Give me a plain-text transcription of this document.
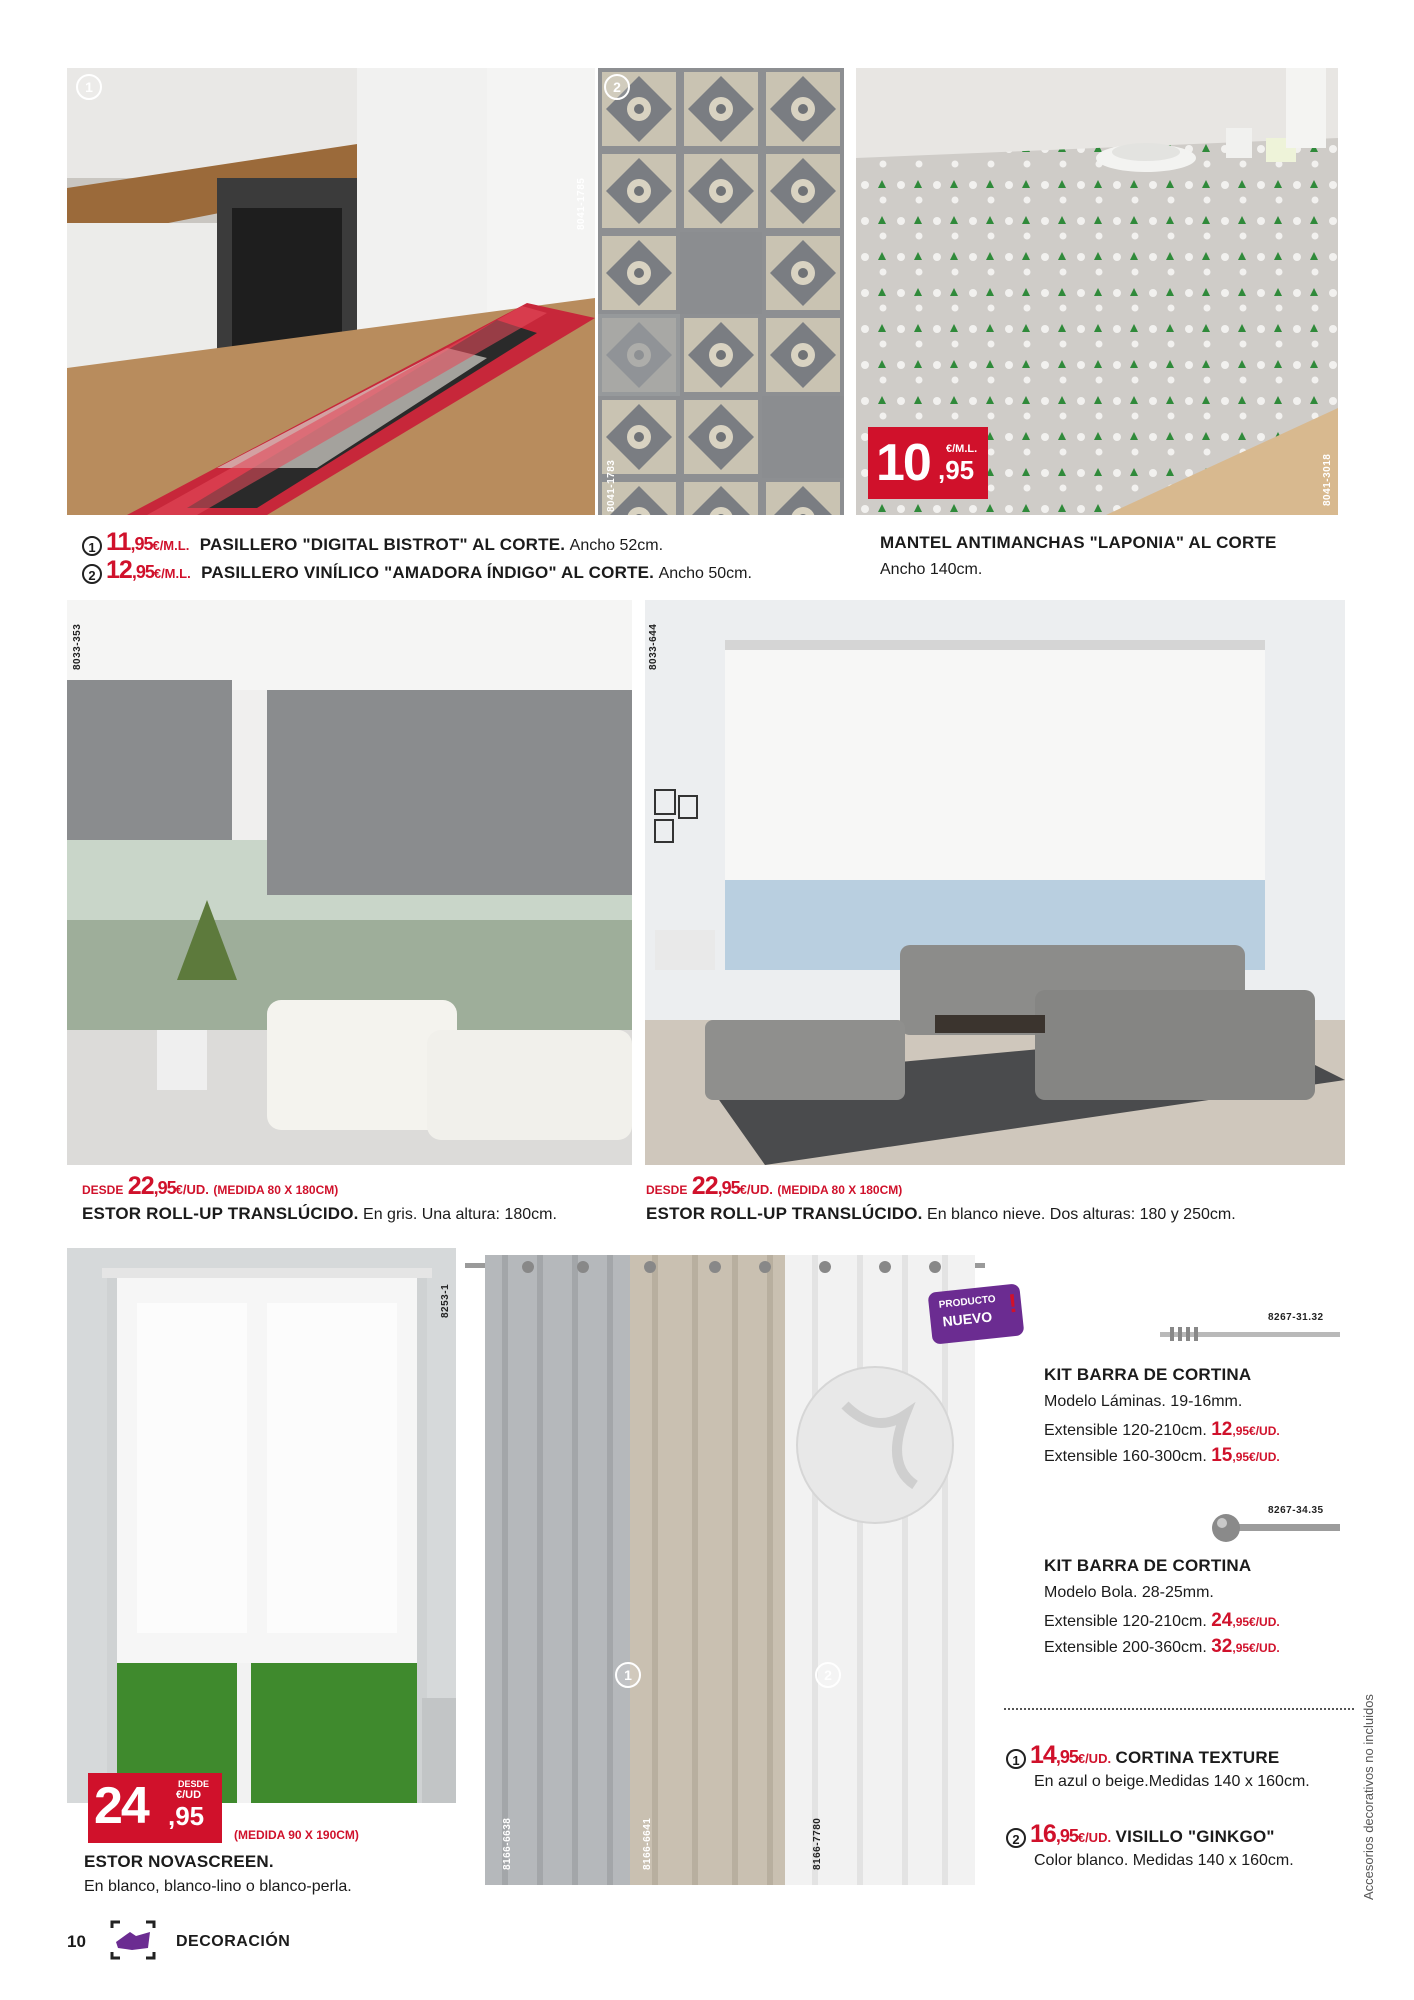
1
8041-1785
2
8041-1783	8041-3018
10 €/M.L.
,95
1 11,95€/M.L. PASILLERO "DIGITAL BISTROT" AL CORTE. Ancho 52cm.
2 12,95€/M.L. PASILLERO VINÍLICO "AMADORA ÍNDIGO" AL CORTE. Ancho 50cm.
MANTEL ANTIMANCHAS "LAPONIA" AL CORTE
Ancho 140cm.
8033-353	8033-644
DESDE 22,95€/UD. (MEDIDA 80 X 180CM)
ESTOR ROLL-UP TRANSLÚCIDO. En gris. Una altura: 180cm.
DESDE 22,95€/UD. (MEDIDA 80 X 180CM)
ESTOR ROLL-UP TRANSLÚCIDO. En blanco nieve. Dos alturas: 180 y 250cm.
8253-1
24	DESDE
€/UD
,95
(MEDIDA 90 X 190CM)
ESTOR NOVASCREEN.
En blanco, blanco-lino o blanco-perla.
1	2
8166-6638	8166-6641	8166-7780
PRODUCTO
NUEVO
!	8267-31.32
KIT BARRA DE CORTINA
Modelo Láminas. 19-16mm.
Extensible 120-210cm. 12,95€/UD.
Extensible 160-300cm. 15,95€/UD.
8267-34.35
KIT BARRA DE CORTINA
Modelo Bola. 28-25mm.
Extensible 120-210cm. 24,95€/UD.
Extensible 200-360cm. 32,95€/UD.
1 14,95€/UD. CORTINA TEXTURE
En azul o beige.Medidas 140 x 160cm.
2 16,95€/UD. VISILLO "GINKGO"
Color blanco. Medidas 140 x 160cm.	Accesorios decorativos no incluidos
10	DECORACIÓN
